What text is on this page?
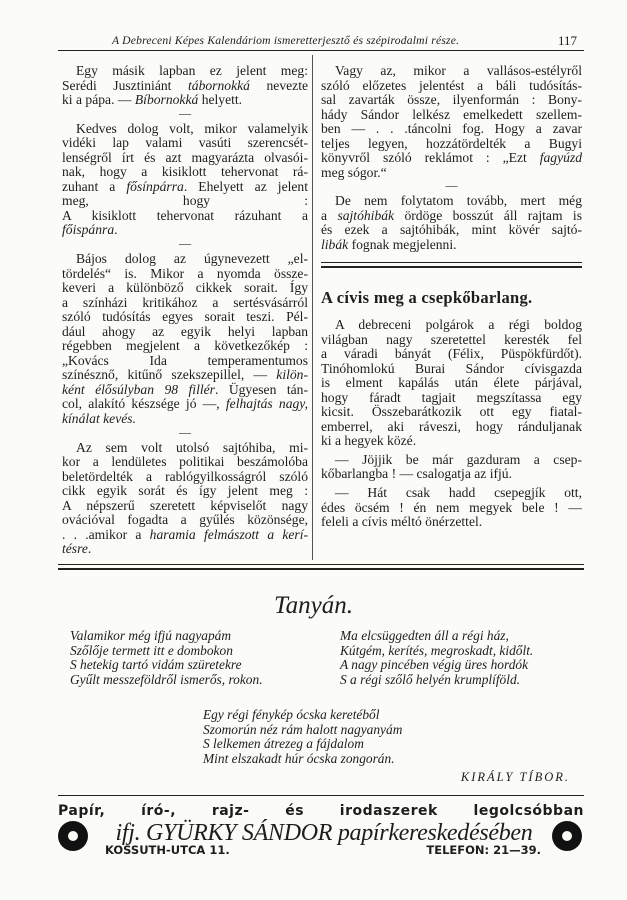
A Debreceni Képes Kalendáriom ismeretterjesztő és szépirodalmi része.	117
Egy másik lapban ez jelent meg:
Serédi Jusztiniánt tábornokká nevezte
ki a pápa. — Bíbornokká helyett.
—
Kedves dolog volt, mikor valamelyik
vidéki lap valami vasúti szerencsét-
lenségről írt és azt magyarázta olvasói-
nak, hogy a kisiklott tehervonat rá-
zuhant a fősínpárra. Ehelyett az jelent
meg, hogy :
A kisiklott tehervonat rázuhant a
főispánra.
—
Bájos dolog az úgynevezett „el-
tördelés“ is. Mikor a nyomda össze-
keveri a különböző cikkek sorait. Így
a színházi kritikához a sertésvásárról
szóló tudósítás egyes sorait teszi. Pél-
dául ahogy az egyik helyi lapban
régebben megjelent a következőkép :
„Kovács Ida temperamentumos
színésznő, kitűnő szekszepillel, — kilön-
ként élősúlyban 98 fillér. Ügyesen tán-
col, alakító készsége jó —, felhajtás nagy,
kínálat kevés.
—
Az sem volt utolsó sajtóhiba, mi-
kor a lendületes politikai beszámolóba
beletördelték a rablógyilkosságról szóló
cikk egyik sorát és így jelent meg :
A népszerű szeretett képviselőt nagy
ovációval fogadta a gyűlés közönsége,
. . .amikor a haramia felmászott a kerí-
tésre.
Vagy az, mikor a vallásos-estélyről
szóló előzetes jelentést a báli tudósítás-
sal zavarták össze, ilyenformán : Bony-
hády Sándor lelkész emelkedett szellem-
ben — . . .táncolni fog. Hogy a zavar
teljes legyen, hozzátördelték a Bugyi
könyvről szóló reklámot : „Ezt fagyúzd
meg sógor.“
—
De nem folytatom tovább, mert még
a sajtóhibák ördöge bosszút áll rajtam is
és ezek a sajtóhibák, mint kövér sajtó-
libák fognak megjelenni.
A cívis meg a csepkőbarlang.
A debreceni polgárok a régi boldog
világban nagy szeretettel keresték fel
a váradi bányát (Félix, Püspökfürdőt).
Tinóhomlokú Burai Sándor cívisgazda
is elment kapálás után élete párjával,
hogy fáradt tagjait megszítassa egy
kicsit. Összebarátkozik ott egy fiatal-
emberrel, aki ráveszi, hogy ránduljanak
ki a hegyek közé.
— Jöjjik be már gazduram a csep-
kőbarlangba ! — csalogatja az ifjú.
— Hát csak hadd csepegjík ott,
édes öcsém ! én nem megyek bele ! —
feleli a cívis méltó önérzettel.
Tanyán.
Valamikor még ifjú nagyapám
Szőlője termett itt e dombokon
S hetekig tartó vidám szüretekre
Gyűlt messzeföldről ismerős, rokon.
Ma elcsüggedten áll a régi ház,
Kútgém, kerítés, megroskadt, kidőlt.
A nagy pincében végig üres hordók
S a régi szőlő helyén krumplíföld.
Egy régi fénykép ócska keretéből
Szomorún néz rám halott nagyanyám
S lelkemen átrezeg a fájdalom
Mint elszakadt húr ócska zongorán.
KIRÁLY TÍBOR.
Papír, író-, rajz- és irodaszerek legolcsóbban
ifj. GYÜRKY SÁNDOR papírkereskedésében
KOSSUTH-UTCA 11.	TELEFON: 21—39.
